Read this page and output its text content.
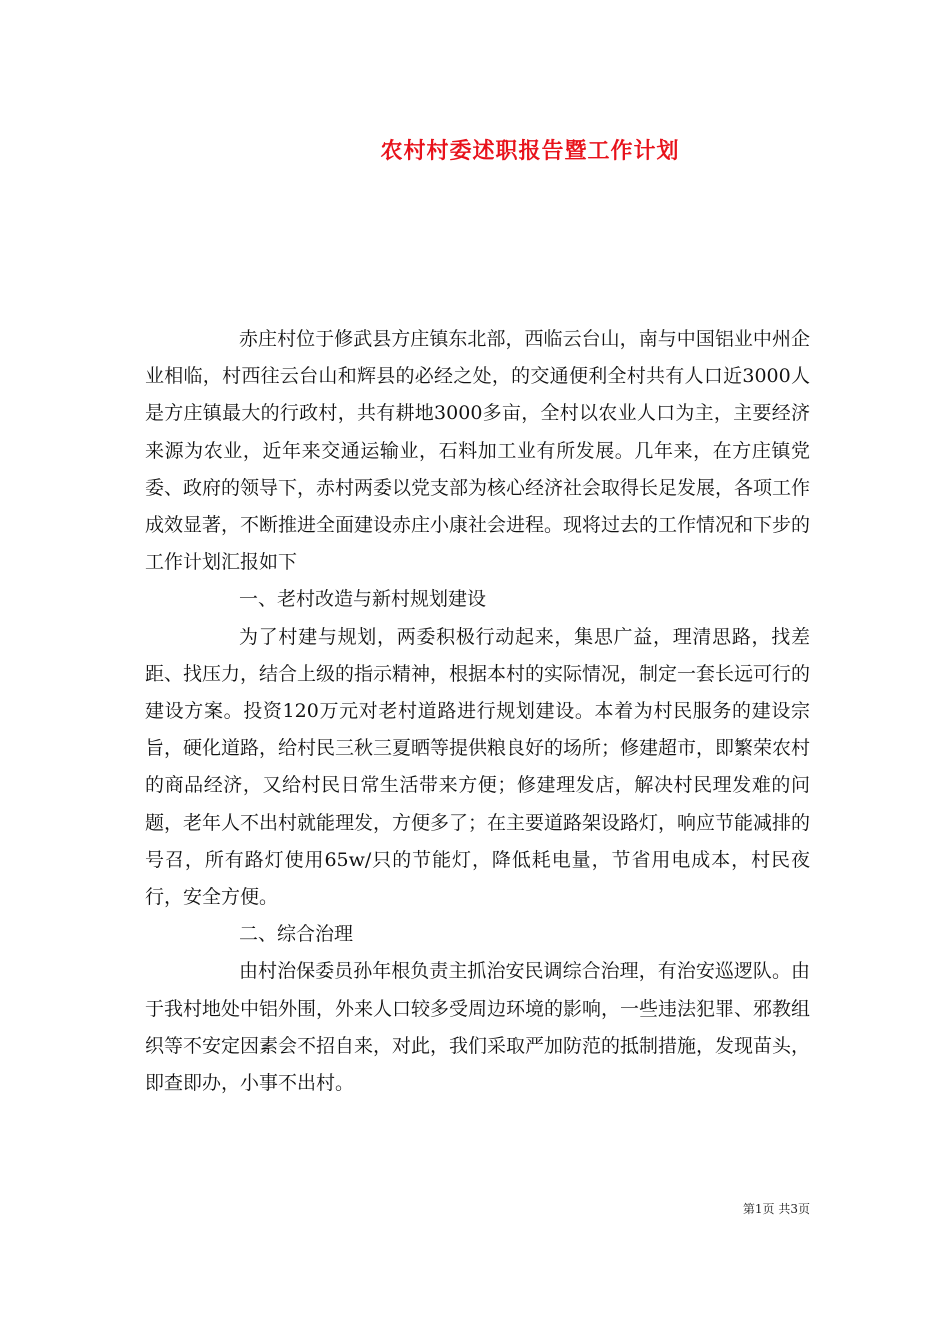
农村村委述职报告暨工作计划

赤庄村位于修武县方庄镇东北部，西临云台山，南与中国铝业中州企业相临，村西往云台山和辉县的必经之处，的交通便利全村共有人口近3000人是方庄镇最大的行政村，共有耕地3000多亩，全村以农业人口为主，主要经济来源为农业，近年来交通运输业，石料加工业有所发展。几年来，在方庄镇党委、政府的领导下，赤村两委以党支部为核心经济社会取得长足发展，各项工作成效显著，不断推进全面建设赤庄小康社会进程。现将过去的工作情况和下步的工作计划汇报如下

一、老村改造与新村规划建设

为了村建与规划，两委积极行动起来，集思广益，理清思路，找差距、找压力，结合上级的指示精神，根据本村的实际情况，制定一套长远可行的建设方案。投资120万元对老村道路进行规划建设。本着为村民服务的建设宗旨，硬化道路，给村民三秋三夏晒等提供粮良好的场所；修建超市，即繁荣农村的商品经济，又给村民日常生活带来方便；修建理发店，解决村民理发难的问题，老年人不出村就能理发，方便多了；在主要道路架设路灯，响应节能减排的号召，所有路灯使用65w/只的节能灯，降低耗电量，节省用电成本，村民夜行，安全方便。

二、综合治理

由村治保委员孙年根负责主抓治安民调综合治理，有治安巡逻队。由于我村地处中铝外围，外来人口较多受周边环境的影响，一些违法犯罪、邪教组织等不安定因素会不招自来，对此，我们采取严加防范的抵制措施，发现苗头，即查即办，小事不出村。

第1页 共3页
